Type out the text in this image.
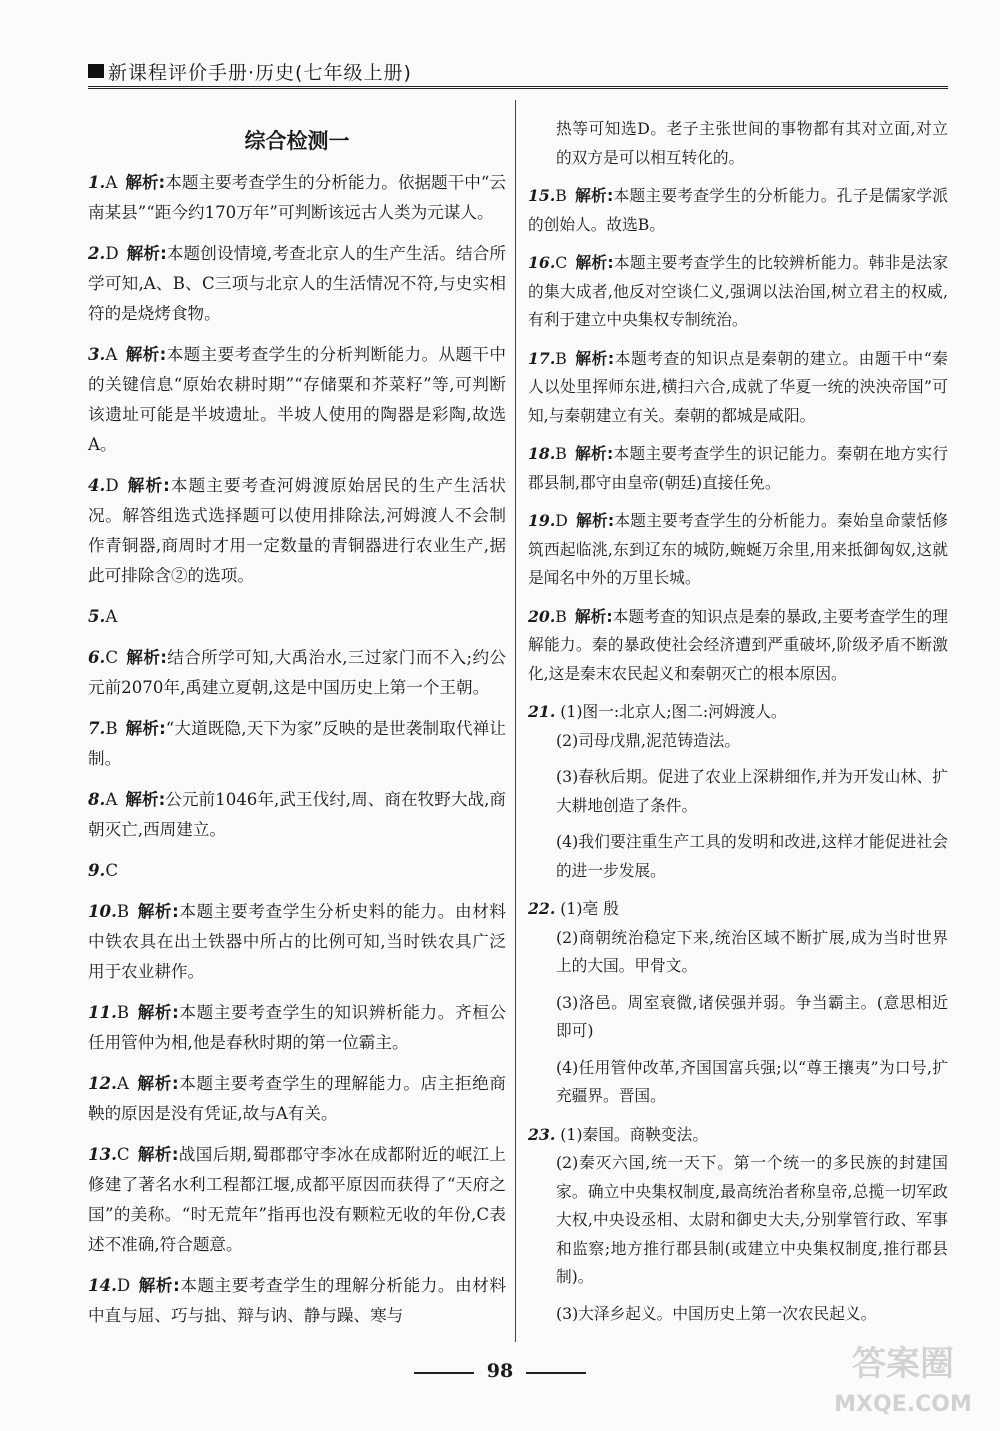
新课程评价手册·历史(七年级上册)
综合检测一
1.A 解析:本题主要考查学生的分析能力。依据题干中“云南某县”“距今约170万年”可判断该远古人类为元谋人。
2.D 解析:本题创设情境,考查北京人的生产生活。结合所学可知,A、B、C三项与北京人的生活情况不符,与史实相符的是烧烤食物。
3.A 解析:本题主要考查学生的分析判断能力。从题干中的关键信息“原始农耕时期”“存储粟和芥菜籽”等,可判断该遗址可能是半坡遗址。半坡人使用的陶器是彩陶,故选A。
4.D 解析:本题主要考查河姆渡原始居民的生产生活状况。解答组选式选择题可以使用排除法,河姆渡人不会制作青铜器,商周时才用一定数量的青铜器进行农业生产,据此可排除含②的选项。
5.A
6.C 解析:结合所学可知,大禹治水,三过家门而不入;约公元前2070年,禹建立夏朝,这是中国历史上第一个王朝。
7.B 解析:“大道既隐,天下为家”反映的是世袭制取代禅让制。
8.A 解析:公元前1046年,武王伐纣,周、商在牧野大战,商朝灭亡,西周建立。
9.C
10.B 解析:本题主要考查学生分析史料的能力。由材料中铁农具在出土铁器中所占的比例可知,当时铁农具广泛用于农业耕作。
11.B 解析:本题主要考查学生的知识辨析能力。齐桓公任用管仲为相,他是春秋时期的第一位霸主。
12.A 解析:本题主要考查学生的理解能力。店主拒绝商鞅的原因是没有凭证,故与A有关。
13.C 解析:战国后期,蜀郡郡守李冰在成都附近的岷江上修建了著名水利工程都江堰,成都平原因而获得了“天府之国”的美称。“时无荒年”指再也没有颗粒无收的年份,C表述不准确,符合题意。
14.D 解析:本题主要考查学生的理解分析能力。由材料中直与屈、巧与拙、辩与讷、静与躁、寒与
热等可知选D。老子主张世间的事物都有其对立面,对立的双方是可以相互转化的。
15.B 解析:本题主要考查学生的分析能力。孔子是儒家学派的创始人。故选B。
16.C 解析:本题主要考查学生的比较辨析能力。韩非是法家的集大成者,他反对空谈仁义,强调以法治国,树立君主的权威,有利于建立中央集权专制统治。
17.B 解析:本题考查的知识点是秦朝的建立。由题干中“秦人以处里挥师东进,横扫六合,成就了华夏一统的泱泱帝国”可知,与秦朝建立有关。秦朝的都城是咸阳。
18.B 解析:本题主要考查学生的识记能力。秦朝在地方实行郡县制,郡守由皇帝(朝廷)直接任免。
19.D 解析:本题主要考查学生的分析能力。秦始皇命蒙恬修筑西起临洮,东到辽东的城防,蜿蜒万余里,用来抵御匈奴,这就是闻名中外的万里长城。
20.B 解析:本题考查的知识点是秦的暴政,主要考查学生的理解能力。秦的暴政使社会经济遭到严重破坏,阶级矛盾不断激化,这是秦末农民起义和秦朝灭亡的根本原因。
21. (1)图一:北京人;图二:河姆渡人。
(2)司母戊鼎,泥范铸造法。
(3)春秋后期。促进了农业上深耕细作,并为开发山林、扩大耕地创造了条件。
(4)我们要注重生产工具的发明和改进,这样才能促进社会的进一步发展。
22. (1)亳 殷
(2)商朝统治稳定下来,统治区域不断扩展,成为当时世界上的大国。甲骨文。
(3)洛邑。周室衰微,诸侯强并弱。争当霸主。(意思相近即可)
(4)任用管仲改革,齐国国富兵强;以“尊王攘夷”为口号,扩充疆界。晋国。
23. (1)秦国。商鞅变法。
(2)秦灭六国,统一天下。第一个统一的多民族的封建国家。确立中央集权制度,最高统治者称皇帝,总揽一切军政大权,中央设丞相、太尉和御史大夫,分别掌管行政、军事和监察;地方推行郡县制(或建立中央集权制度,推行郡县制)。
(3)大泽乡起义。中国历史上第一次农民起义。
98	答案圈
MXQE.COM
